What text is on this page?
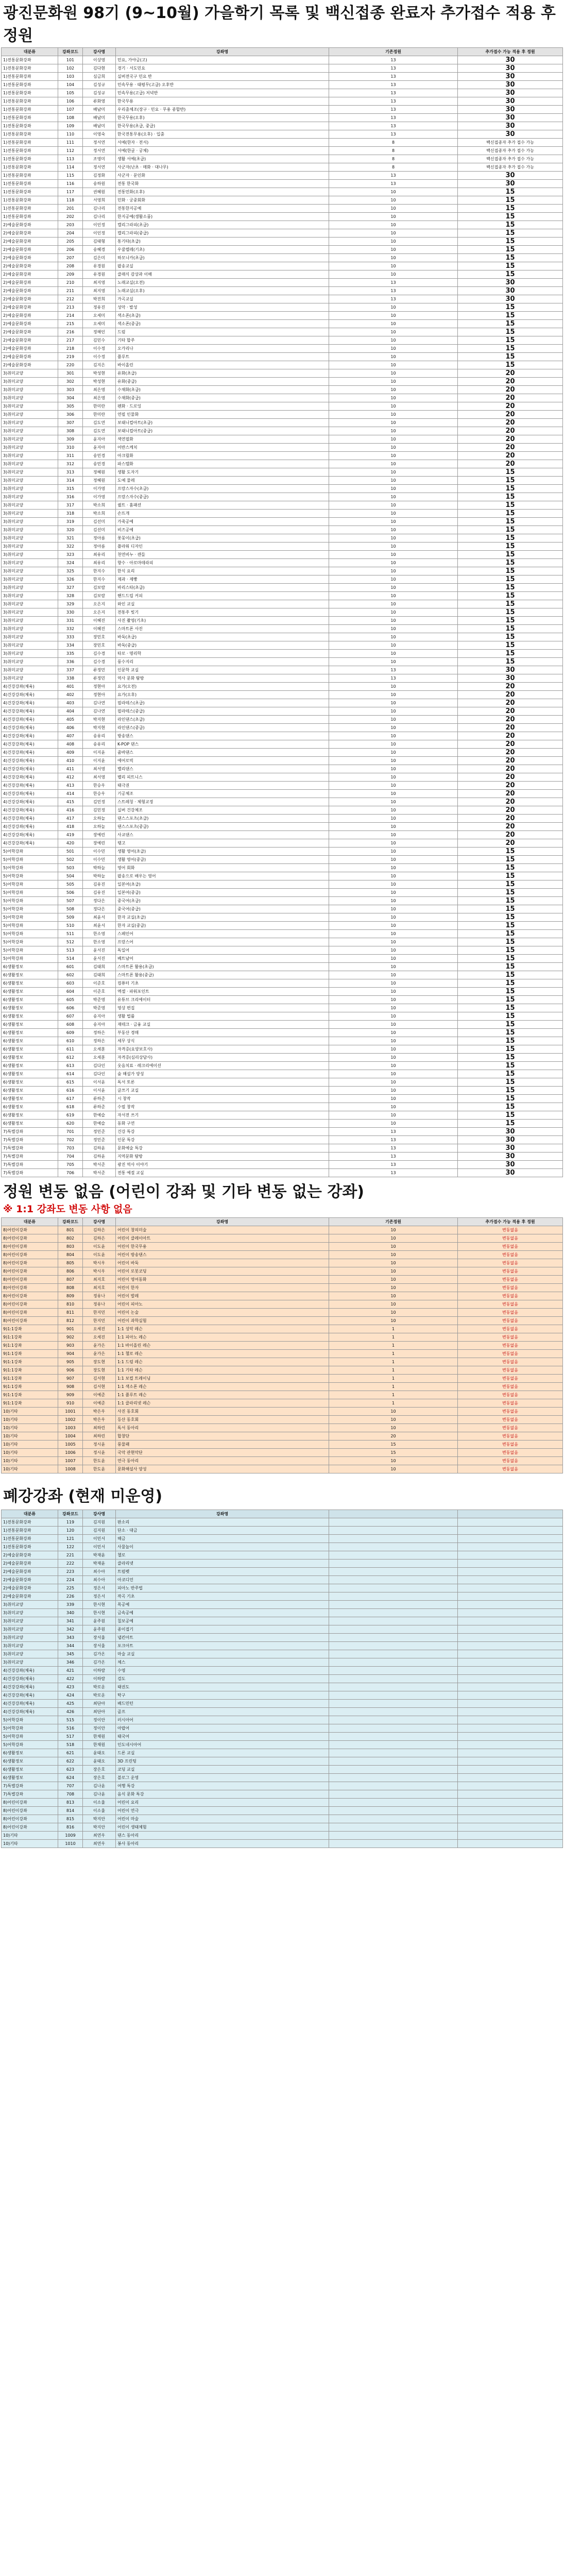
광진문화원 98기 (9~10월) 가을학기 목록 및 백신접종 완료자 추가접수 적용 후 정원
대분류	강좌코드	강사명	강좌명	기존정원	추가접수 가능 적용 후 정원
1)전통문화강좌	101	이상영	민요, 가야금(고)	13	30
1)전통문화강좌	102	김다현	경기 · 서도민요	13	30
1)전통문화강좌	103	심금희	실버전국구 민요 반	13	30
1)전통문화강좌	104	김성규	민속무용 · 태평무(고급) 오후반	13	30
1)전통문화강좌	105	김성규	민속무용(고급) 저녁반	13	30
1)전통문화강좌	106	류화영	한국무용	13	30
1)전통문화강좌	107	배남미	우리춤체조(장구 · 민요 · 무용 종합반)	13	30
1)전통문화강좌	108	배남미	한국무용(오후)	13	30
1)전통문화강좌	109	배남미	한국무용(초급, 중급)	13	30
1)전통문화강좌	110	이영숙	한국전통무용(오후) · 입춤	13	30
1)전통문화강좌	111	정서연	서예(한자 · 전서)	8	백신접종자 추가 접수 가능
1)전통문화강좌	112	정서연	서예(한글 · 궁체)	8	백신접종자 추가 접수 가능
1)전통문화강좌	113	조영미	생활 서예(초급)	8	백신접종자 추가 접수 가능
1)전통문화강좌	114	정서연	사군자(난초 · 매화 · 대나무)	8	백신접종자 추가 접수 가능
1)전통문화강좌	115	김정화	사군자 · 문인화	13	30
1)전통문화강좌	116	송하원	전통 한국화	13	30
1)전통문화강좌	117	권혜원	전통민화(오후)	10	15
1)전통문화강좌	118	서영희	민화 · 궁중회화	10	15
1)전통문화강좌	201	김나리	전통한지공예	10	15
1)전통문화강좌	202	김나리	한지공예(생활소품)	10	15
2)예술문화강좌	203	이인정	캘리그라피(초급)	10	15
2)예술문화강좌	204	이인정	캘리그라피(중급)	10	15
2)예술문화강좌	205	김태형	통기타(초급)	10	15
2)예술문화강좌	206	송혜경	우쿨렐레(기초)	10	15
2)예술문화강좌	207	김은미	하모니카(초급)	10	15
2)예술문화강좌	208	유경원	팝송교실	10	15
2)예술문화강좌	209	유경원	클래식 감상과 이해	10	15
2)예술문화강좌	210	최지영	노래교실(오전)	13	30
2)예술문화강좌	211	최지영	노래교실(오후)	13	30
2)예술문화강좌	212	박진희	가곡교실	13	30
2)예술문화강좌	213	정유진	성악 · 발성	10	15
2)예술문화강좌	214	오세미	색소폰(초급)	10	15
2)예술문화강좌	215	오세미	색소폰(중급)	10	15
2)예술문화강좌	216	정해인	드럼	10	15
2)예술문화강좌	217	김민수	기타 합주	10	15
2)예술문화강좌	218	이수정	오카리나	10	15
2)예술문화강좌	219	이수정	플루트	10	15
2)예술문화강좌	220	김지은	바이올린	10	15
3)취미교양	301	박성현	유화(초급)	10	20
3)취미교양	302	박성현	유화(중급)	10	20
3)취미교양	303	최은영	수채화(초급)	10	20
3)취미교양	304	최은영	수채화(중급)	10	20
3)취미교양	305	한미란	펜화 · 드로잉	10	20
3)취미교양	306	한미란	연필 인물화	10	20
3)취미교양	307	김도연	보태니컬아트(초급)	10	20
3)취미교양	308	김도연	보태니컬아트(중급)	10	20
3)취미교양	309	윤지아	색연필화	10	20
3)취미교양	310	윤지아	어반스케치	10	20
3)취미교양	311	송민경	아크릴화	10	20
3)취미교양	312	송민경	파스텔화	10	20
3)취미교양	313	정혜원	생활 도자기	10	15
3)취미교양	314	정혜원	도예 물레	10	15
3)취미교양	315	이가영	프랑스자수(초급)	10	15
3)취미교양	316	이가영	프랑스자수(중급)	10	15
3)취미교양	317	박소희	퀼트 · 홈패션	10	15
3)취미교양	318	박소희	손뜨개	10	15
3)취미교양	319	김선미	가죽공예	10	15
3)취미교양	320	김선미	비즈공예	10	15
3)취미교양	321	정아름	꽃꽂이(초급)	10	15
3)취미교양	322	정아름	플라워 디자인	10	15
3)취미교양	323	최유리	천연비누 · 캔들	10	15
3)취미교양	324	최유리	향수 · 아로마테라피	10	15
3)취미교양	325	한지수	한식 요리	10	15
3)취미교양	326	한지수	제과 · 제빵	10	15
3)취미교양	327	김보람	바리스타(초급)	10	15
3)취미교양	328	김보람	핸드드립 커피	10	15
3)취미교양	329	오은지	와인 교실	10	15
3)취미교양	330	오은지	전통주 빚기	10	15
3)취미교양	331	이혜진	사진 촬영(기초)	10	15
3)취미교양	332	이혜진	스마트폰 사진	10	15
3)취미교양	333	장민호	바둑(초급)	10	15
3)취미교양	334	장민호	바둑(중급)	10	15
3)취미교양	335	김수경	타로 · 명리학	10	15
3)취미교양	336	김수경	풍수지리	10	15
3)취미교양	337	류정민	인문학 교실	13	30
3)취미교양	338	류정민	역사 문화 탐방	13	30
4)건강강좌(체육)	401	정현아	요가(오전)	10	20
4)건강강좌(체육)	402	정현아	요가(오후)	10	20
4)건강강좌(체육)	403	김나연	필라테스(초급)	10	20
4)건강강좌(체육)	404	김나연	필라테스(중급)	10	20
4)건강강좌(체육)	405	박지현	라인댄스(초급)	10	20
4)건강강좌(체육)	406	박지현	라인댄스(중급)	10	20
4)건강강좌(체육)	407	송유리	방송댄스	10	20
4)건강강좌(체육)	408	송유리	K-POP 댄스	10	20
4)건강강좌(체육)	409	이지윤	줌바댄스	10	20
4)건강강좌(체육)	410	이지윤	에어로빅	10	20
4)건강강좌(체육)	411	최서영	밸리댄스	10	20
4)건강강좌(체육)	412	최서영	벨리 피트니스	10	20
4)건강강좌(체육)	413	한승우	태극권	10	20
4)건강강좌(체육)	414	한승우	기공체조	10	20
4)건강강좌(체육)	415	김민정	스트레칭 · 체형교정	10	20
4)건강강좌(체육)	416	김민정	실버 건강체조	10	20
4)건강강좌(체육)	417	오하늘	댄스스포츠(초급)	10	20
4)건강강좌(체육)	418	오하늘	댄스스포츠(중급)	10	20
4)건강강좌(체육)	419	장예린	사교댄스	10	20
4)건강강좌(체육)	420	장예린	탱고	10	20
5)어학강좌	501	이수민	생활 영어(초급)	10	15
5)어학강좌	502	이수민	생활 영어(중급)	10	15
5)어학강좌	503	박하늘	영어 회화	10	15
5)어학강좌	504	박하늘	팝송으로 배우는 영어	10	15
5)어학강좌	505	김유진	일본어(초급)	10	15
5)어학강좌	506	김유진	일본어(중급)	10	15
5)어학강좌	507	정다은	중국어(초급)	10	15
5)어학강좌	508	정다은	중국어(중급)	10	15
5)어학강좌	509	최윤서	한자 교실(초급)	10	15
5)어학강좌	510	최윤서	한자 교실(중급)	10	15
5)어학강좌	511	한소영	스페인어	10	15
5)어학강좌	512	한소영	프랑스어	10	15
5)어학강좌	513	윤서진	독일어	10	15
5)어학강좌	514	윤서진	베트남어	10	15
6)생활정보	601	김태희	스마트폰 활용(초급)	10	15
6)생활정보	602	김태희	스마트폰 활용(중급)	10	15
6)생활정보	603	이준호	컴퓨터 기초	10	15
6)생활정보	604	이준호	엑셀 · 파워포인트	10	15
6)생활정보	605	박준영	유튜브 크리에이터	10	15
6)생활정보	606	박준영	영상 편집	10	15
6)생활정보	607	송지아	생활 법률	10	15
6)생활정보	608	송지아	재테크 · 금융 교실	10	15
6)생활정보	609	정하은	부동산 경매	10	15
6)생활정보	610	정하은	세무 상식	10	15
6)생활정보	611	오세훈	자격증(요양보호사)	10	15
6)생활정보	612	오세훈	자격증(심리상담사)	10	15
6)생활정보	613	김다인	웃음치료 · 레크리에이션	10	15
6)생활정보	614	김다인	숲 해설가 양성	10	15
6)생활정보	615	이서윤	독서 토론	10	15
6)생활정보	616	이서윤	글쓰기 교실	10	15
6)생활정보	617	류하준	시 창작	10	15
6)생활정보	618	류하준	수필 창작	10	15
6)생활정보	619	한예슬	자서전 쓰기	10	15
6)생활정보	620	한예슬	동화 구연	10	15
7)특별강좌	701	정민준	건강 특강	13	30
7)특별강좌	702	정민준	인문 특강	13	30
7)특별강좌	703	김하윤	문화예술 특강	13	30
7)특별강좌	704	김하윤	지역문화 탐방	13	30
7)특별강좌	705	박서준	광진 역사 이야기	13	30
7)특별강좌	706	박서준	전통 예절 교실	13	30
정원 변동 없음 (어린이 강좌 및 기타 변동 없는 강좌)
※ 1:1 강좌도 변동 사항 없음
대분류	강좌코드	강사명	강좌명	기존정원	추가접수 가능 적용 후 정원
8)어린이강좌	801	김하은	어린이 창의미술	10	변동없음
8)어린이강좌	802	김하은	어린이 클레이아트	10	변동없음
8)어린이강좌	803	이도윤	어린이 한국무용	10	변동없음
8)어린이강좌	804	이도윤	어린이 방송댄스	10	변동없음
8)어린이강좌	805	박시우	어린이 바둑	10	변동없음
8)어린이강좌	806	박시우	어린이 로봇코딩	10	변동없음
8)어린이강좌	807	최지호	어린이 영어동화	10	변동없음
8)어린이강좌	808	최지호	어린이 한자	10	변동없음
8)어린이강좌	809	정유나	어린이 발레	10	변동없음
8)어린이강좌	810	정유나	어린이 피아노	10	변동없음
8)어린이강좌	811	한지민	어린이 논술	10	변동없음
8)어린이강좌	812	한지민	어린이 과학실험	10	변동없음
9)1:1강좌	901	오세진	1:1 성악 레슨	1	변동없음
9)1:1강좌	902	오세진	1:1 피아노 레슨	1	변동없음
9)1:1강좌	903	윤가은	1:1 바이올린 레슨	1	변동없음
9)1:1강좌	904	윤가은	1:1 첼로 레슨	1	변동없음
9)1:1강좌	905	장도현	1:1 드럼 레슨	1	변동없음
9)1:1강좌	906	장도현	1:1 기타 레슨	1	변동없음
9)1:1강좌	907	김서현	1:1 보컬 트레이닝	1	변동없음
9)1:1강좌	908	김서현	1:1 색소폰 레슨	1	변동없음
9)1:1강좌	909	이예준	1:1 플루트 레슨	1	변동없음
9)1:1강좌	910	이예준	1:1 클라리넷 레슨	1	변동없음
10)기타	1001	박은우	사진 동호회	10	변동없음
10)기타	1002	박은우	등산 동호회	10	변동없음
10)기타	1003	최하린	독서 동아리	10	변동없음
10)기타	1004	최하린	합창단	20	변동없음
10)기타	1005	정시윤	풍물패	15	변동없음
10)기타	1006	정시윤	국악 관현악단	15	변동없음
10)기타	1007	한도윤	연극 동아리	10	변동없음
10)기타	1008	한도윤	문화해설사 양성	10	변동없음
폐강강좌 (현재 미운영)
대분류	강좌코드	강사명	강좌명		
1)전통문화강좌	119	김지원	판소리		
1)전통문화강좌	120	김지원	단소 · 대금		
1)전통문화강좌	121	이민서	해금		
1)전통문화강좌	122	이민서	사물놀이		
2)예술문화강좌	221	박재윤	첼로		
2)예술문화강좌	222	박재윤	클라리넷		
2)예술문화강좌	223	최수아	트럼펫		
2)예술문화강좌	224	최수아	아코디언		
2)예술문화강좌	225	정은서	피아노 반주법		
2)예술문화강좌	226	정은서	작곡 기초		
3)취미교양	339	한시현	목공예		
3)취미교양	340	한시현	금속공예		
3)취미교양	341	윤주원	칠보공예		
3)취미교양	342	윤주원	종이접기		
3)취미교양	343	장서율	냅킨아트		
3)취미교양	344	장서율	포크아트		
3)취미교양	345	김가온	마술 교실		
3)취미교양	346	김가온	체스		
4)건강강좌(체육)	421	이하람	수영		
4)건강강좌(체육)	422	이하람	검도		
4)건강강좌(체육)	423	박로운	태권도		
4)건강강좌(체육)	424	박로운	탁구		
4)건강강좌(체육)	425	최단아	배드민턴		
4)건강강좌(체육)	426	최단아	골프		
5)어학강좌	515	정이안	러시아어		
5)어학강좌	516	정이안	아랍어		
5)어학강좌	517	한채원	태국어		
5)어학강좌	518	한채원	인도네시아어		
6)생활정보	621	윤태오	드론 교실		
6)생활정보	622	윤태오	3D 프린팅		
6)생활정보	623	장은호	코딩 교실		
6)생활정보	624	장은호	블로그 운영		
7)특별강좌	707	김나윤	여행 특강		
7)특별강좌	708	김나윤	음식 문화 특강		
8)어린이강좌	813	이소율	어린이 요리		
8)어린이강좌	814	이소율	어린이 연극		
8)어린이강좌	815	박지안	어린이 마술		
8)어린이강좌	816	박지안	어린이 생태체험		
10)기타	1009	최연우	댄스 동아리		
10)기타	1010	최연우	봉사 동아리		
